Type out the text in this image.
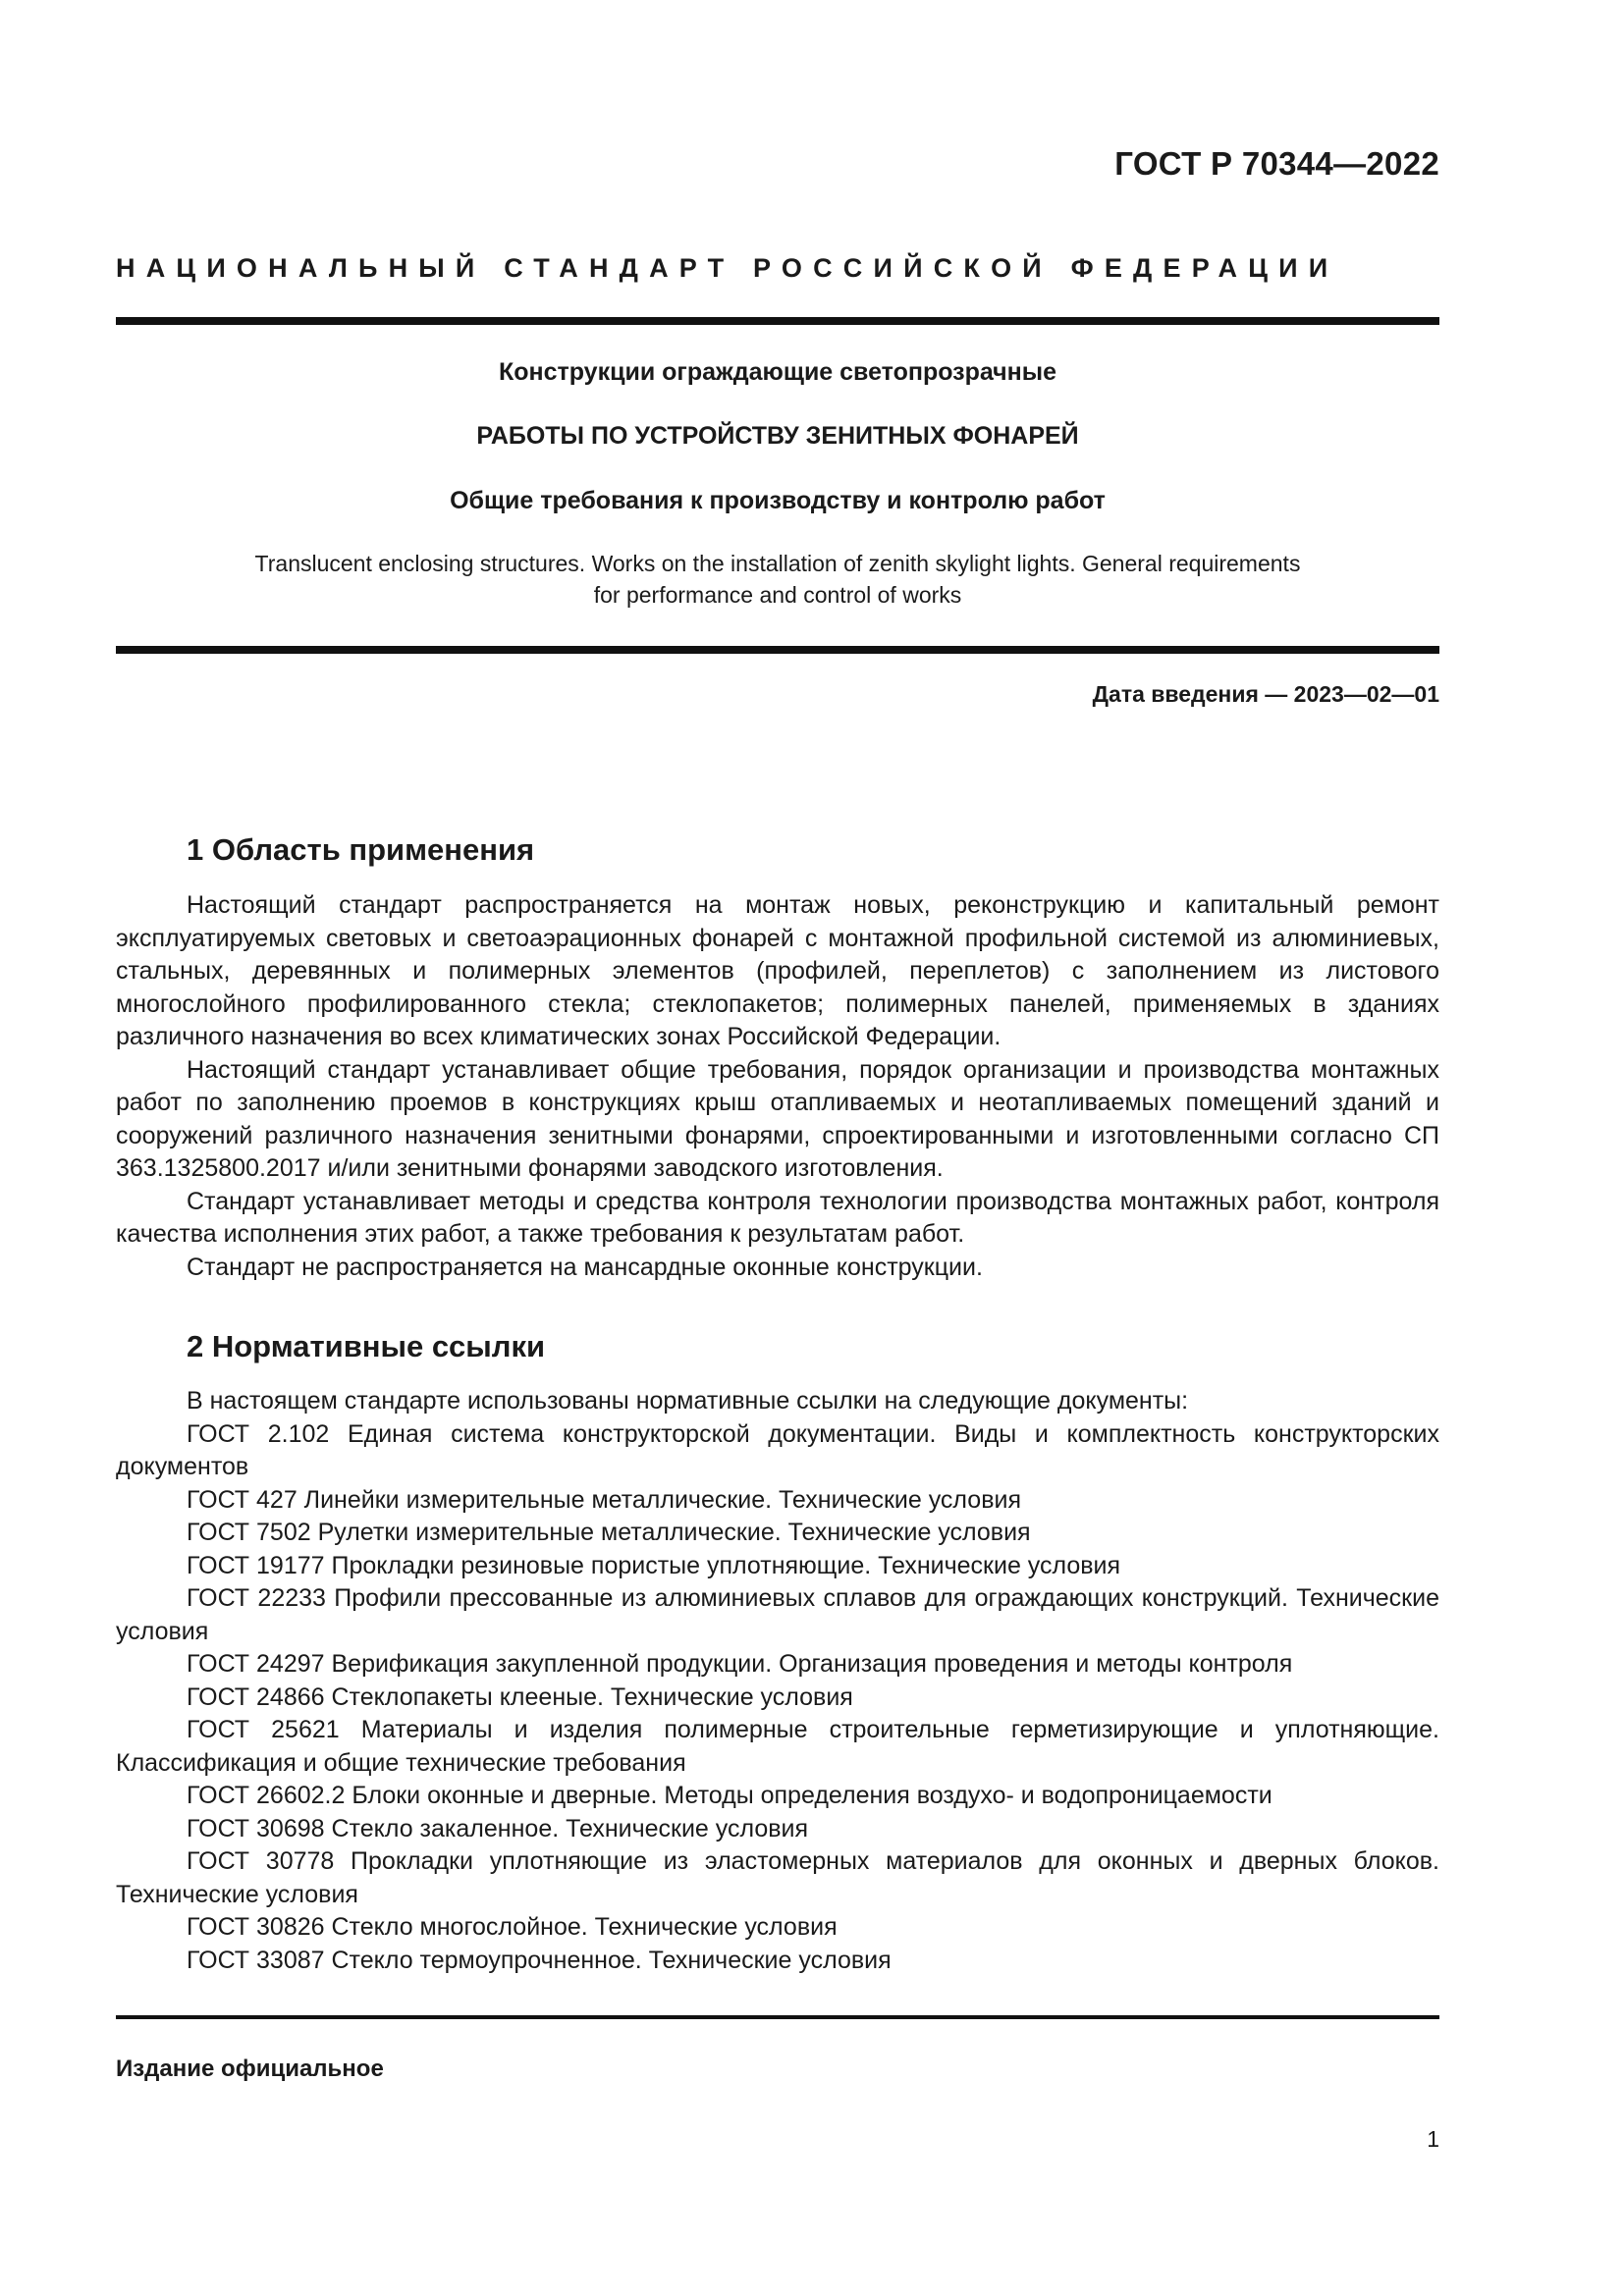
ГОСТ Р 70344—2022
НАЦИОНАЛЬНЫЙ СТАНДАРТ РОССИЙСКОЙ ФЕДЕРАЦИИ
Конструкции ограждающие светопрозрачные
РАБОТЫ ПО УСТРОЙСТВУ ЗЕНИТНЫХ ФОНАРЕЙ
Общие требования к производству и контролю работ
Translucent enclosing structures. Works on the installation of zenith skylight lights. General requirements
for performance and control of works
Дата введения — 2023—02—01
1 Область применения

Настоящий стандарт распространяется на монтаж новых, реконструкцию и капитальный ремонт эксплуатируемых световых и светоаэрационных фонарей с монтажной профильной системой из алюминиевых, стальных, деревянных и полимерных элементов (профилей, переплетов) с заполнением из листового многослойного профилированного стекла; стеклопакетов; полимерных панелей, применяемых в зданиях различного назначения во всех климатических зонах Российской Федерации.

Настоящий стандарт устанавливает общие требования, порядок организации и производства монтажных работ по заполнению проемов в конструкциях крыш отапливаемых и неотапливаемых помещений зданий и сооружений различного назначения зенитными фонарями, спроектированными и изготовленными согласно СП 363.1325800.2017 и/или зенитными фонарями заводского изготовления.

Стандарт устанавливает методы и средства контроля технологии производства монтажных работ, контроля качества исполнения этих работ, а также требования к результатам работ.

Стандарт не распространяется на мансардные оконные конструкции.

2 Нормативные ссылки

В настоящем стандарте использованы нормативные ссылки на следующие документы:

ГОСТ 2.102 Единая система конструкторской документации. Виды и комплектность конструкторских документов

ГОСТ 427 Линейки измерительные металлические. Технические условия

ГОСТ 7502 Рулетки измерительные металлические. Технические условия

ГОСТ 19177 Прокладки резиновые пористые уплотняющие. Технические условия

ГОСТ 22233 Профили прессованные из алюминиевых сплавов для ограждающих конструкций. Технические условия

ГОСТ 24297 Верификация закупленной продукции. Организация проведения и методы контроля

ГОСТ 24866 Стеклопакеты клееные. Технические условия

ГОСТ 25621 Материалы и изделия полимерные строительные герметизирующие и уплотняющие. Классификация и общие технические требования

ГОСТ 26602.2 Блоки оконные и дверные. Методы определения воздухо- и водопроницаемости

ГОСТ 30698 Стекло закаленное. Технические условия

ГОСТ 30778 Прокладки уплотняющие из эластомерных материалов для оконных и дверных блоков. Технические условия

ГОСТ 30826 Стекло многослойное. Технические условия

ГОСТ 33087 Стекло термоупрочненное. Технические условия

Издание официальное
1
